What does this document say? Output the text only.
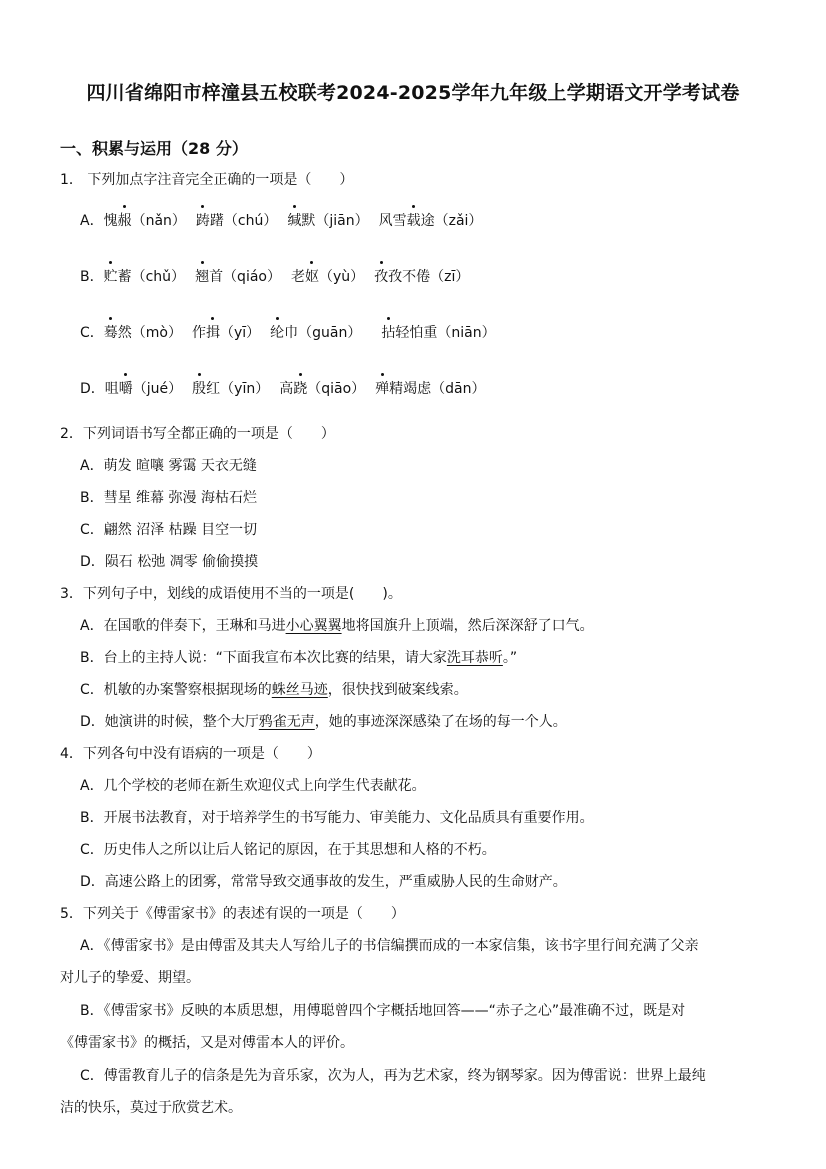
四川省绵阳市梓潼县五校联考2024-2025学年九年级上学期语文开学考试卷
一、积累与运用（28 分）
1． 下列加点字注音完全正确的一项是（　　）
A．愧赧（nǎn） 踌躇（chú） 缄默（jiān） 风雪载途（zǎi）
B．贮蓄（chǔ） 翘首（qiáo） 老妪（yù） 孜孜不倦（zī）
C．蓦然（mò） 作揖（yī） 纶巾（guān） 拈轻怕重（niān）
D．咀嚼（jué） 殷红（yīn） 高跷（qiāo） 殚精竭虑（dān）
2．下列词语书写全都正确的一项是（　　）
A．萌发 暄嚷 雾霭 天衣无缝
B．彗星 维幕 弥漫 海枯石烂
C．翩然 沼泽 枯躁 目空一切
D．陨石 松弛 凋零 偷偷摸摸
3．下列句子中，划线的成语使用不当的一项是(　　)。
A．在国歌的伴奏下，王琳和马进小心翼翼地将国旗升上顶端，然后深深舒了口气。
B．台上的主持人说：“下面我宣布本次比赛的结果，请大家洗耳恭听。”
C．机敏的办案警察根据现场的蛛丝马迹，很快找到破案线索。
D．她演讲的时候，整个大厅鸦雀无声，她的事迹深深感染了在场的每一个人。
4．下列各句中没有语病的一项是（　　）
A．几个学校的老师在新生欢迎仪式上向学生代表献花。
B．开展书法教育，对于培养学生的书写能力、审美能力、文化品质具有重要作用。
C．历史伟人之所以让后人铭记的原因，在于其思想和人格的不朽。
D．高速公路上的团雾，常常导致交通事故的发生，严重威胁人民的生命财产。
5．下列关于《傅雷家书》的表述有误的一项是（　　）
A．《傅雷家书》是由傅雷及其夫人写给儿子的书信编撰而成的一本家信集，该书字里行间充满了父亲
对儿子的挚爱、期望。
B．《傅雷家书》反映的本质思想，用傅聪曾四个字概括地回答——“赤子之心”最准确不过，既是对
《傅雷家书》的概括，又是对傅雷本人的评价。
C．傅雷教育儿子的信条是先为音乐家，次为人，再为艺术家，终为钢琴家。因为傅雷说：世界上最纯
洁的快乐，莫过于欣赏艺术。
